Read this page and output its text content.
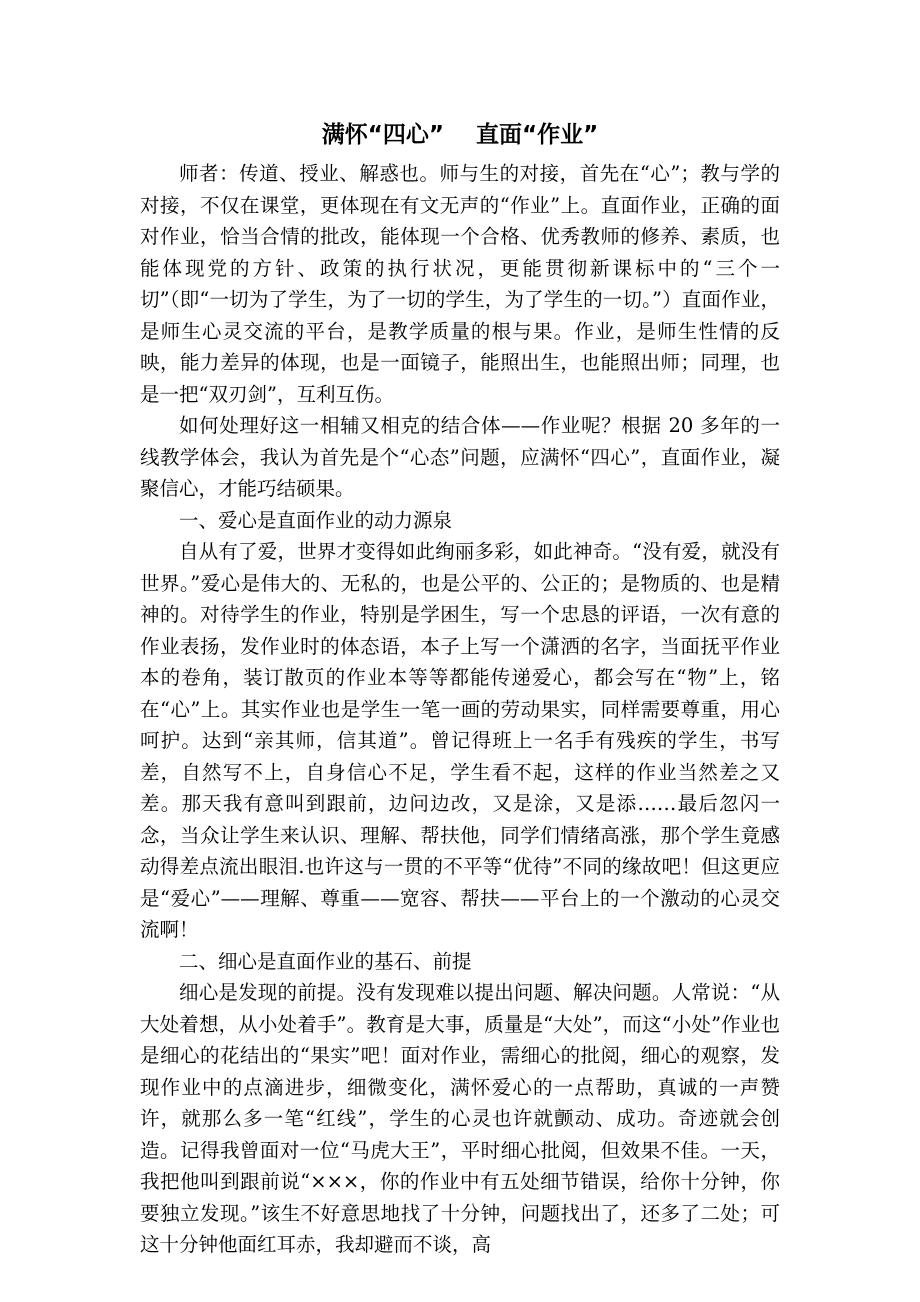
满怀“四心”    直面“作业”

师者：传道、授业、解惑也。师与生的对接，首先在“心”；教与学的对接，不仅在课堂，更体现在有文无声的“作业”上。直面作业，正确的面对作业，恰当合情的批改，能体现一个合格、优秀教师的修养、素质，也能体现党的方针、政策的执行状况，更能贯彻新课标中的“三个一切”（即“一切为了学生，为了一切的学生，为了学生的一切。”）直面作业，是师生心灵交流的平台，是教学质量的根与果。作业，是师生性情的反映，能力差异的体现，也是一面镜子，能照出生，也能照出师；同理，也是一把“双刃剑”，互利互伤。

如何处理好这一相辅又相克的结合体——作业呢？根据 20 多年的一线教学体会，我认为首先是个“心态”问题，应满怀“四心”，直面作业，凝聚信心，才能巧结硕果。

一、爱心是直面作业的动力源泉

自从有了爱，世界才变得如此绚丽多彩，如此神奇。“没有爱，就没有世界。”爱心是伟大的、无私的，也是公平的、公正的；是物质的、也是精神的。对待学生的作业，特别是学困生，写一个忠恳的评语，一次有意的作业表扬，发作业时的体态语，本子上写一个潇洒的名字，当面抚平作业本的卷角，装订散页的作业本等等都能传递爱心，都会写在“物”上，铭在“心”上。其实作业也是学生一笔一画的劳动果实，同样需要尊重，用心呵护。达到“亲其师，信其道”。曾记得班上一名手有残疾的学生，书写差，自然写不上，自身信心不足，学生看不起，这样的作业当然差之又差。那天我有意叫到跟前，边问边改，又是涂，又是添……最后忽闪一念，当众让学生来认识、理解、帮扶他，同学们情绪高涨，那个学生竟感动得差点流出眼泪.也许这与一贯的不平等“优待”不同的缘故吧！但这更应是“爱心”——理解、尊重——宽容、帮扶——平台上的一个激动的心灵交流啊！

二、细心是直面作业的基石、前提

细心是发现的前提。没有发现难以提出问题、解决问题。人常说：“从大处着想，从小处着手”。教育是大事，质量是“大处”，而这“小处”作业也是细心的花结出的“果实”吧！面对作业，需细心的批阅，细心的观察，发现作业中的点滴进步，细微变化，满怀爱心的一点帮助，真诚的一声赞许，就那么多一笔“红线”，学生的心灵也许就颤动、成功。奇迹就会创造。记得我曾面对一位“马虎大王”，平时细心批阅，但效果不佳。一天，我把他叫到跟前说“×××，你的作业中有五处细节错误，给你十分钟，你要独立发现。”该生不好意思地找了十分钟，问题找出了，还多了二处；可这十分钟他面红耳赤，我却避而不谈，高
